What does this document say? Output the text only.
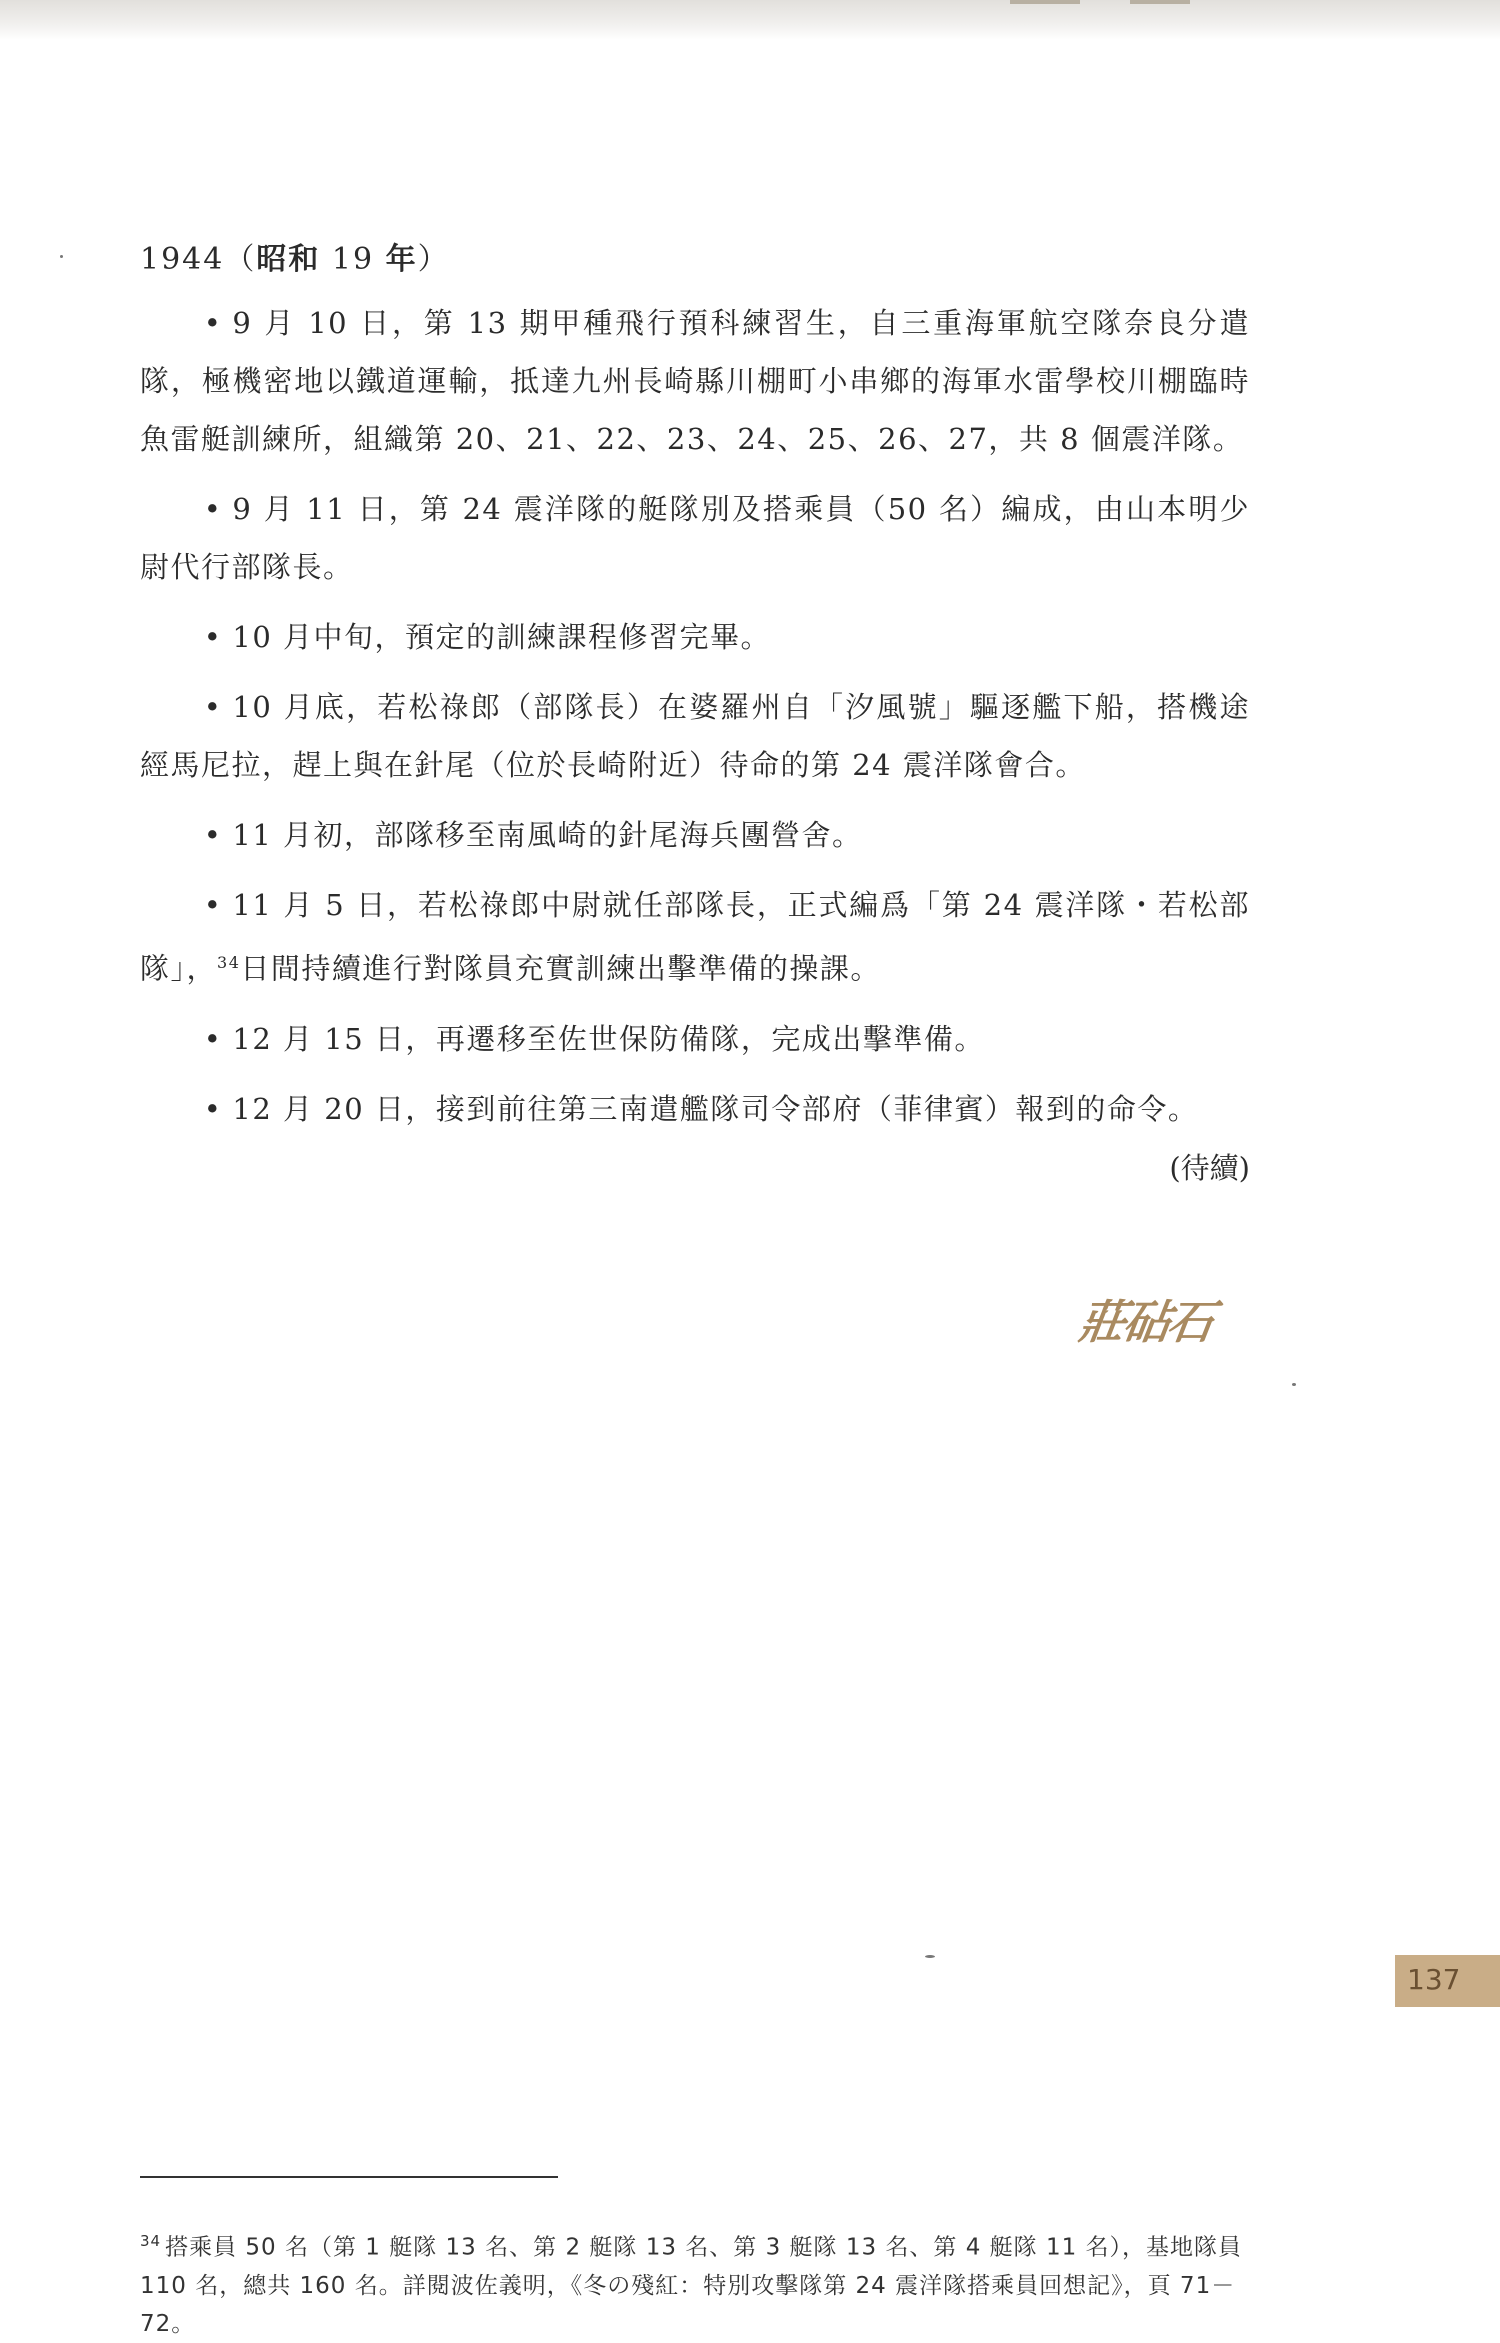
1944（昭和 19 年）

• 9 月 10 日，第 13 期甲種飛行預科練習生，自三重海軍航空隊奈良分遣隊，極機密地以鐵道運輸，抵達九州長崎縣川棚町小串鄉的海軍水雷學校川棚臨時魚雷艇訓練所，組織第 20、21、22、23、24、25、26、27，共 8 個震洋隊。

• 9 月 11 日，第 24 震洋隊的艇隊別及搭乘員（50 名）編成，由山本明少尉代行部隊長。

• 10 月中旬，預定的訓練課程修習完畢。

• 10 月底，若松祿郎（部隊長）在婆羅州自「汐風號」驅逐艦下船，搭機途經馬尼拉，趕上與在針尾（位於長崎附近）待命的第 24 震洋隊會合。

• 11 月初，部隊移至南風崎的針尾海兵團營舍。

• 11 月 5 日，若松祿郎中尉就任部隊長，正式編爲「第 24 震洋隊・若松部隊」，$^{34}$日間持續進行對隊員充實訓練出擊準備的操課。

• 12 月 15 日，再遷移至佐世保防備隊，完成出擊準備。

• 12 月 20 日，接到前往第三南遣艦隊司令部府（菲律賓）報到的命令。

(待續)
莊砧石
$^{34}$ 搭乘員 50 名（第 1 艇隊 13 名、第 2 艇隊 13 名、第 3 艇隊 13 名、第 4 艇隊 11 名），基地隊員 110 名，總共 160 名。詳閱波佐義明，《冬の殘紅：特別攻擊隊第 24 震洋隊搭乘員回想記》，頁 71－72。
137
